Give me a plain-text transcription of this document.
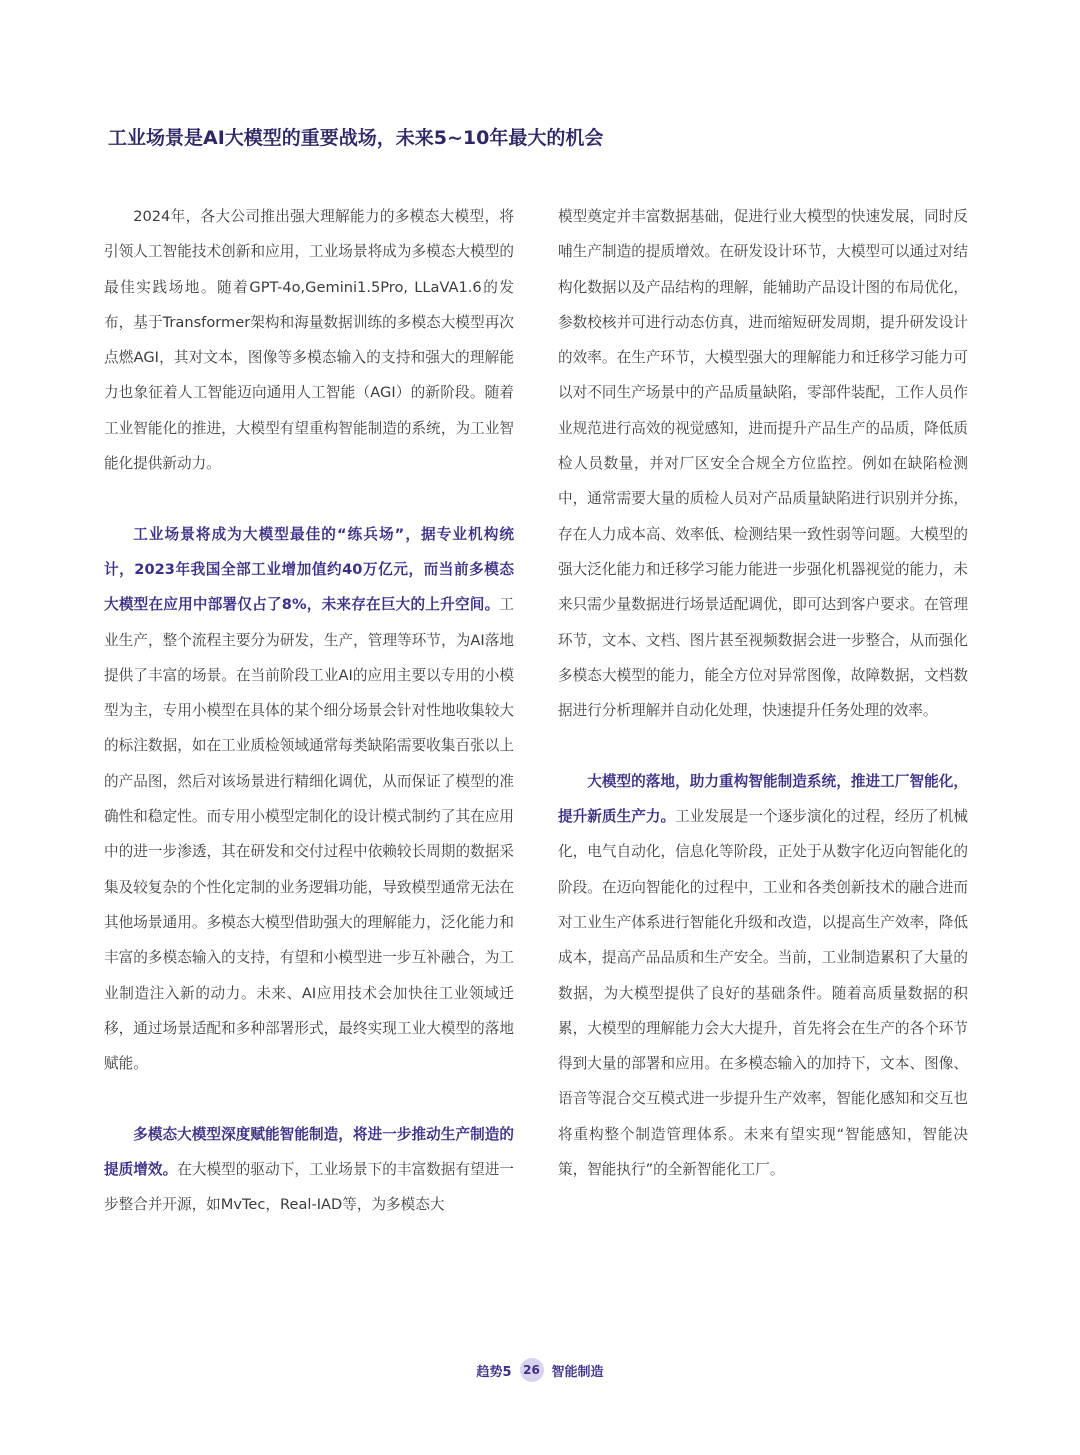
工业场景是AI大模型的重要战场，未来5~10年最大的机会

2024年，各大公司推出强大理解能力的多模态大模型，将引领人工智能技术创新和应用，工业场景将成为多模态大模型的最佳实践场地。随着GPT-4o,Gemini1.5Pro, LLaVA1.6的发布，基于Transformer架构和海量数据训练的多模态大模型再次点燃AGI，其对文本，图像等多模态输入的支持和强大的理解能力也象征着人工智能迈向通用人工智能（AGI）的新阶段。随着工业智能化的推进，大模型有望重构智能制造的系统，为工业智能化提供新动力。

工业场景将成为大模型最佳的“练兵场”，据专业机构统计，2023年我国全部工业增加值约40万亿元，而当前多模态大模型在应用中部署仅占了8%，未来存在巨大的上升空间。工业生产，整个流程主要分为研发，生产，管理等环节，为AI落地提供了丰富的场景。在当前阶段工业AI的应用主要以专用的小模型为主，专用小模型在具体的某个细分场景会针对性地收集较大的标注数据，如在工业质检领域通常每类缺陷需要收集百张以上的产品图，然后对该场景进行精细化调优，从而保证了模型的准确性和稳定性。而专用小模型定制化的设计模式制约了其在应用中的进一步渗透，其在研发和交付过程中依赖较长周期的数据采集及较复杂的个性化定制的业务逻辑功能，导致模型通常无法在其他场景通用。多模态大模型借助强大的理解能力，泛化能力和丰富的多模态输入的支持，有望和小模型进一步互补融合，为工业制造注入新的动力。未来、AI应用技术会加快往工业领域迁移，通过场景适配和多种部署形式，最终实现工业大模型的落地赋能。

多模态大模型深度赋能智能制造，将进一步推动生产制造的提质增效。在大模型的驱动下，工业场景下的丰富数据有望进一步整合并开源，如MvTec，Real-IAD等，为多模态大

模型奠定并丰富数据基础，促进行业大模型的快速发展，同时反哺生产制造的提质增效。在研发设计环节，大模型可以通过对结构化数据以及产品结构的理解，能辅助产品设计图的布局优化，参数校核并可进行动态仿真，进而缩短研发周期，提升研发设计的效率。在生产环节，大模型强大的理解能力和迁移学习能力可以对不同生产场景中的产品质量缺陷，零部件装配，工作人员作业规范进行高效的视觉感知，进而提升产品生产的品质，降低质检人员数量，并对厂区安全合规全方位监控。例如在缺陷检测中，通常需要大量的质检人员对产品质量缺陷进行识别并分拣，存在人力成本高、效率低、检测结果一致性弱等问题。大模型的强大泛化能力和迁移学习能力能进一步强化机器视觉的能力，未来只需少量数据进行场景适配调优，即可达到客户要求。在管理环节，文本、文档、图片甚至视频数据会进一步整合，从而强化多模态大模型的能力，能全方位对异常图像，故障数据，文档数据进行分析理解并自动化处理，快速提升任务处理的效率。

大模型的落地，助力重构智能制造系统，推进工厂智能化，提升新质生产力。工业发展是一个逐步演化的过程，经历了机械化，电气自动化，信息化等阶段，正处于从数字化迈向智能化的阶段。在迈向智能化的过程中，工业和各类创新技术的融合进而对工业生产体系进行智能化升级和改造，以提高生产效率，降低成本，提高产品品质和生产安全。当前，工业制造累积了大量的数据，为大模型提供了良好的基础条件。随着高质量数据的积累，大模型的理解能力会大大提升，首先将会在生产的各个环节得到大量的部署和应用。在多模态输入的加持下，文本、图像、语音等混合交互模式进一步提升生产效率，智能化感知和交互也将重构整个制造管理体系。未来有望实现“智能感知，智能决策，智能执行”的全新智能化工厂。

趋势5 26 智能制造
